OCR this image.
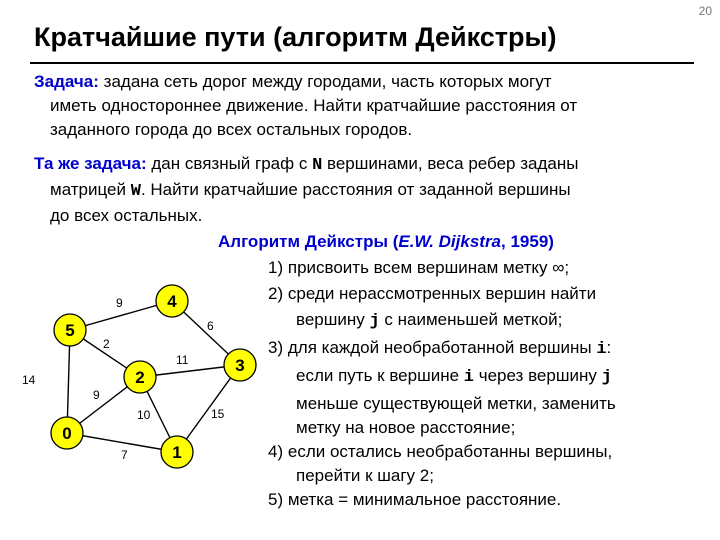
20
Кратчайшие пути (алгоритм Дейкстры)
Задача: задана сеть дорог между городами, часть которых могут
иметь одностороннее движение. Найти кратчайшие расстояния от
заданного города до всех остальных городов.
Та же задача: дан связный граф с N вершинами, веса ребер заданы
матрицей W. Найти кратчайшие расстояния от заданной вершины
до всех остальных.
Алгоритм Дейкстры (E.W. Dijkstra, 1959)
1) присвоить всем вершинам метку ∞;
2) среди нерассмотренных вершин найти
вершину j с наименьшей меткой;
3) для каждой необработанной вершины i:
если путь к вершине i через вершину j
меньше существующей метки, заменить
метку на новое расстояние;
4) если остались необработанны вершины,
перейти к шагу 2;
5) метка = минимальное расстояние.
9
6
2
11
14
9
10	15
7
4
5
3
2
0
1
